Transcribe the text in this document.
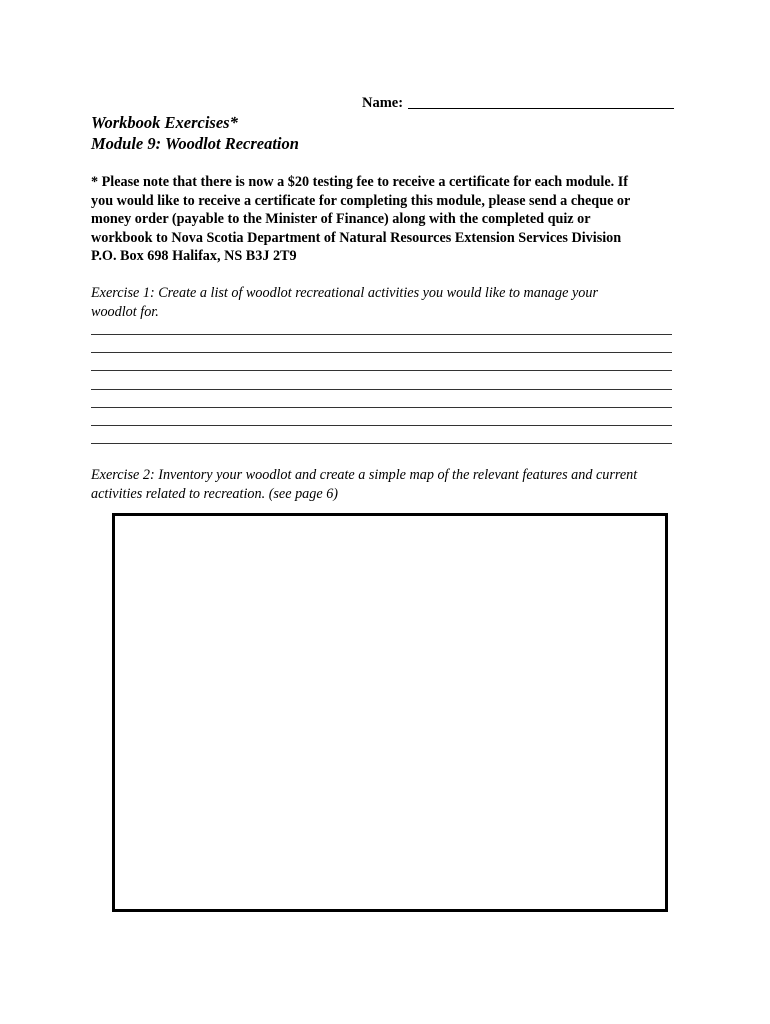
Name:
Workbook Exercises*
Module 9: Woodlot Recreation

* Please note that there is now a $20 testing fee to receive a certificate for each module. If

you would like to receive a certificate for completing this module, please send a cheque or

money order (payable to the Minister of Finance) along with the completed quiz or

workbook to Nova Scotia Department of Natural Resources Extension Services Division

P.O. Box 698 Halifax, NS B3J 2T9

Exercise 1: Create a list of woodlot recreational activities you would like to manage your

woodlot for.

Exercise 2: Inventory your woodlot and create a simple map of the relevant features and current

activities related to recreation. (see page 6)
